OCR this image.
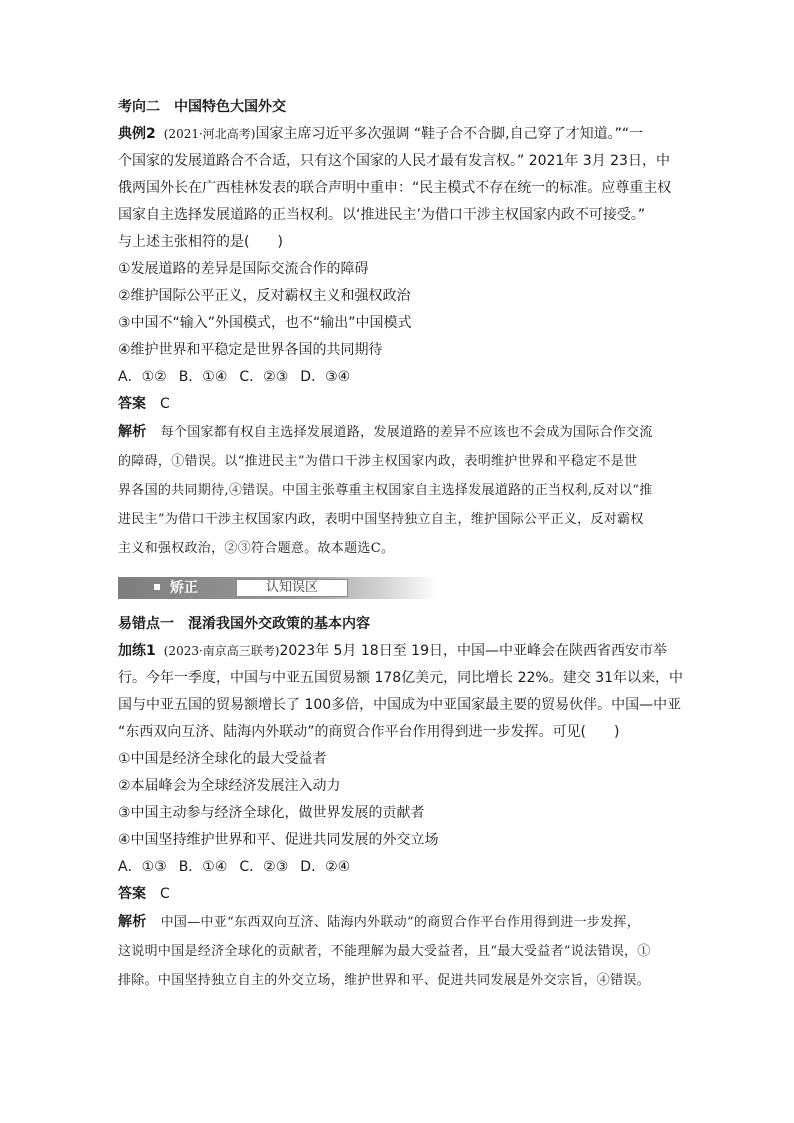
考向二　中国特色大国外交
典例2 (2021·河北高考)国家主席习近平多次强调 “鞋子合不合脚,自己穿了才知道。”“一
个国家的发展道路合不合适，只有这个国家的人民才最有发言权。” 2021年 3月 23日，中
俄两国外长在广西桂林发表的联合声明中重申：“民主模式不存在统一的标准。应尊重主权
国家自主选择发展道路的正当权利。以‘推进民主’为借口干涉主权国家内政不可接受。”
与上述主张相符的是(　　)
①发展道路的差异是国际交流合作的障碍
②维护国际公平正义，反对霸权主义和强权政治
③中国不“输入”外国模式，也不“输出”中国模式
④维护世界和平稳定是世界各国的共同期待
A．①② B．①④ C．②③ D．③④
答案 C
解析 每个国家都有权自主选择发展道路，发展道路的差异不应该也不会成为国际合作交流
的障碍，①错误。以“推进民主”为借口干涉主权国家内政，表明维护世界和平稳定不是世
界各国的共同期待,④错误。中国主张尊重主权国家自主选择发展道路的正当权利,反对以“推
进民主”为借口干涉主权国家内政，表明中国坚持独立自主，维护国际公平正义，反对霸权
主义和强权政治，②③符合题意。故本题选C。
矫正	认知误区
易错点一　混淆我国外交政策的基本内容
加练1 (2023·南京高三联考)2023年 5月 18日至 19日，中国—中亚峰会在陕西省西安市举
行。今年一季度，中国与中亚五国贸易额 178亿美元，同比增长 22%。建交 31年以来，中
国与中亚五国的贸易额增长了 100多倍，中国成为中亚国家最主要的贸易伙伴。中国—中亚
“东西双向互济、陆海内外联动”的商贸合作平台作用得到进一步发挥。可见(　　)
①中国是经济全球化的最大受益者
②本届峰会为全球经济发展注入动力
③中国主动参与经济全球化，做世界发展的贡献者
④中国坚持维护世界和平、促进共同发展的外交立场
A．①③ B．①④ C．②③ D．②④
答案 C
解析 中国—中亚“东西双向互济、陆海内外联动”的商贸合作平台作用得到进一步发挥，
这说明中国是经济全球化的贡献者，不能理解为最大受益者，且“最大受益者”说法错误，①
排除。中国坚持独立自主的外交立场，维护世界和平、促进共同发展是外交宗旨，④错误。
